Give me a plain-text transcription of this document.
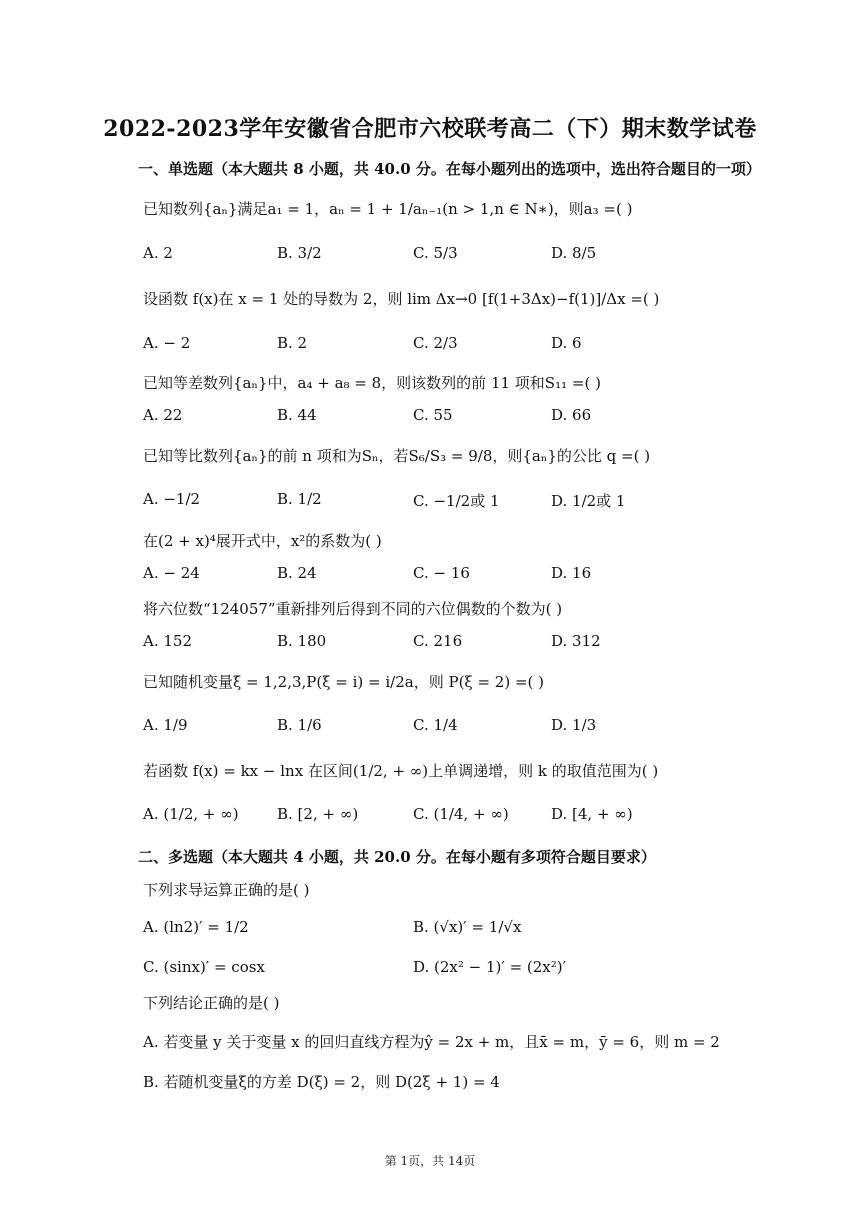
2022-2023学年安徽省合肥市六校联考高二（下）期末数学试卷
一、单选题（本大题共 8 小题，共 40.0 分。在每小题列出的选项中，选出符合题目的一项）
已知数列{aₙ}满足a₁ = 1，aₙ = 1 + 1/aₙ₋₁(n > 1,n ∈ N∗)，则a₃ =( )
A. 2	B. 3/2	C. 5/3	D. 8/5
设函数 f(x)在 x = 1 处的导数为 2，则 lim Δx→0 [f(1+3Δx)−f(1)]/Δx =( )
A. − 2	B. 2	C. 2/3	D. 6
已知等差数列{aₙ}中，a₄ + a₈ = 8，则该数列的前 11 项和S₁₁ =( )
A. 22	B. 44	C. 55	D. 66
已知等比数列{aₙ}的前 n 项和为Sₙ，若S₆/S₃ = 9/8，则{aₙ}的公比 q =( )
A. −1/2	B. 1/2	C. −1/2或 1	D. 1/2或 1
在(2 + x)⁴展开式中，x²的系数为( )
A. − 24	B. 24	C. − 16	D. 16
将六位数“124057”重新排列后得到不同的六位偶数的个数为( )
A. 152	B. 180	C. 216	D. 312
已知随机变量ξ = 1,2,3,P(ξ = i) = i/2a，则 P(ξ = 2) =( )
A. 1/9	B. 1/6	C. 1/4	D. 1/3
若函数 f(x) = kx − lnx 在区间(1/2, + ∞)上单调递增，则 k 的取值范围为( )
A. (1/2, + ∞)	B. [2, + ∞)	C. (1/4, + ∞)	D. [4, + ∞)
二、多选题（本大题共 4 小题，共 20.0 分。在每小题有多项符合题目要求）
下列求导运算正确的是( )
A. (ln2)′ = 1/2	B. (√x)′ = 1/√x
C. (sinx)′ = cosx	D. (2x² − 1)′ = (2x²)′
下列结论正确的是( )
A. 若变量 y 关于变量 x 的回归直线方程为ŷ = 2x + m，且x̄ = m，ȳ = 6，则 m = 2
B. 若随机变量ξ的方差 D(ξ) = 2，则 D(2ξ + 1) = 4
第 1页，共 14页
